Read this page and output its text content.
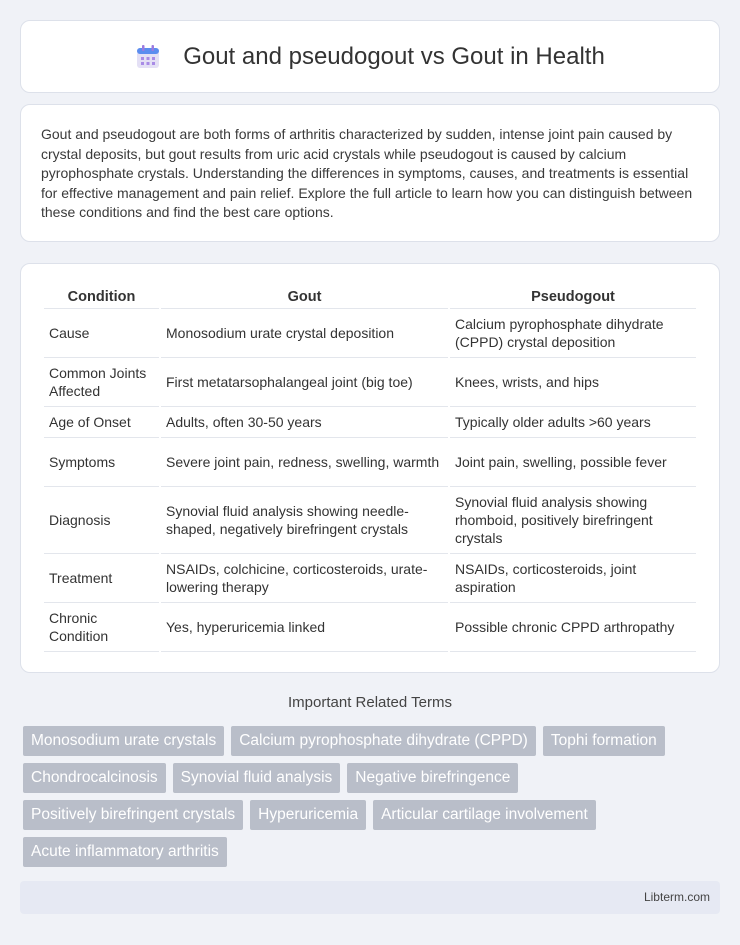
Gout and pseudogout vs Gout in Health

Gout and pseudogout are both forms of arthritis characterized by sudden, intense joint pain caused by crystal deposits, but gout results from uric acid crystals while pseudogout is caused by calcium pyrophosphate crystals. Understanding the differences in symptoms, causes, and treatments is essential for effective management and pain relief. Explore the full article to learn how you can distinguish between these conditions and find the best care options.

Condition	Gout	Pseudogout
Cause	Monosodium urate crystal deposition	Calcium pyrophosphate dihydrate (CPPD) crystal deposition
Common Joints Affected	First metatarsophalangeal joint (big toe)	Knees, wrists, and hips
Age of Onset	Adults, often 30-50 years	Typically older adults >60 years
Symptoms	Severe joint pain, redness, swelling, warmth	Joint pain, swelling, possible fever
Diagnosis	Synovial fluid analysis showing needle-shaped, negatively birefringent crystals	Synovial fluid analysis showing rhomboid, positively birefringent crystals
Treatment	NSAIDs, colchicine, corticosteroids, urate-lowering therapy	NSAIDs, corticosteroids, joint aspiration
Chronic Condition	Yes, hyperuricemia linked	Possible chronic CPPD arthropathy
Important Related Terms
Monosodium urate crystals	Calcium pyrophosphate dihydrate (CPPD)	Tophi formation
Chondrocalcinosis	Synovial fluid analysis	Negative birefringence
Positively birefringent crystals	Hyperuricemia	Articular cartilage involvement
Acute inflammatory arthritis
Libterm.com
